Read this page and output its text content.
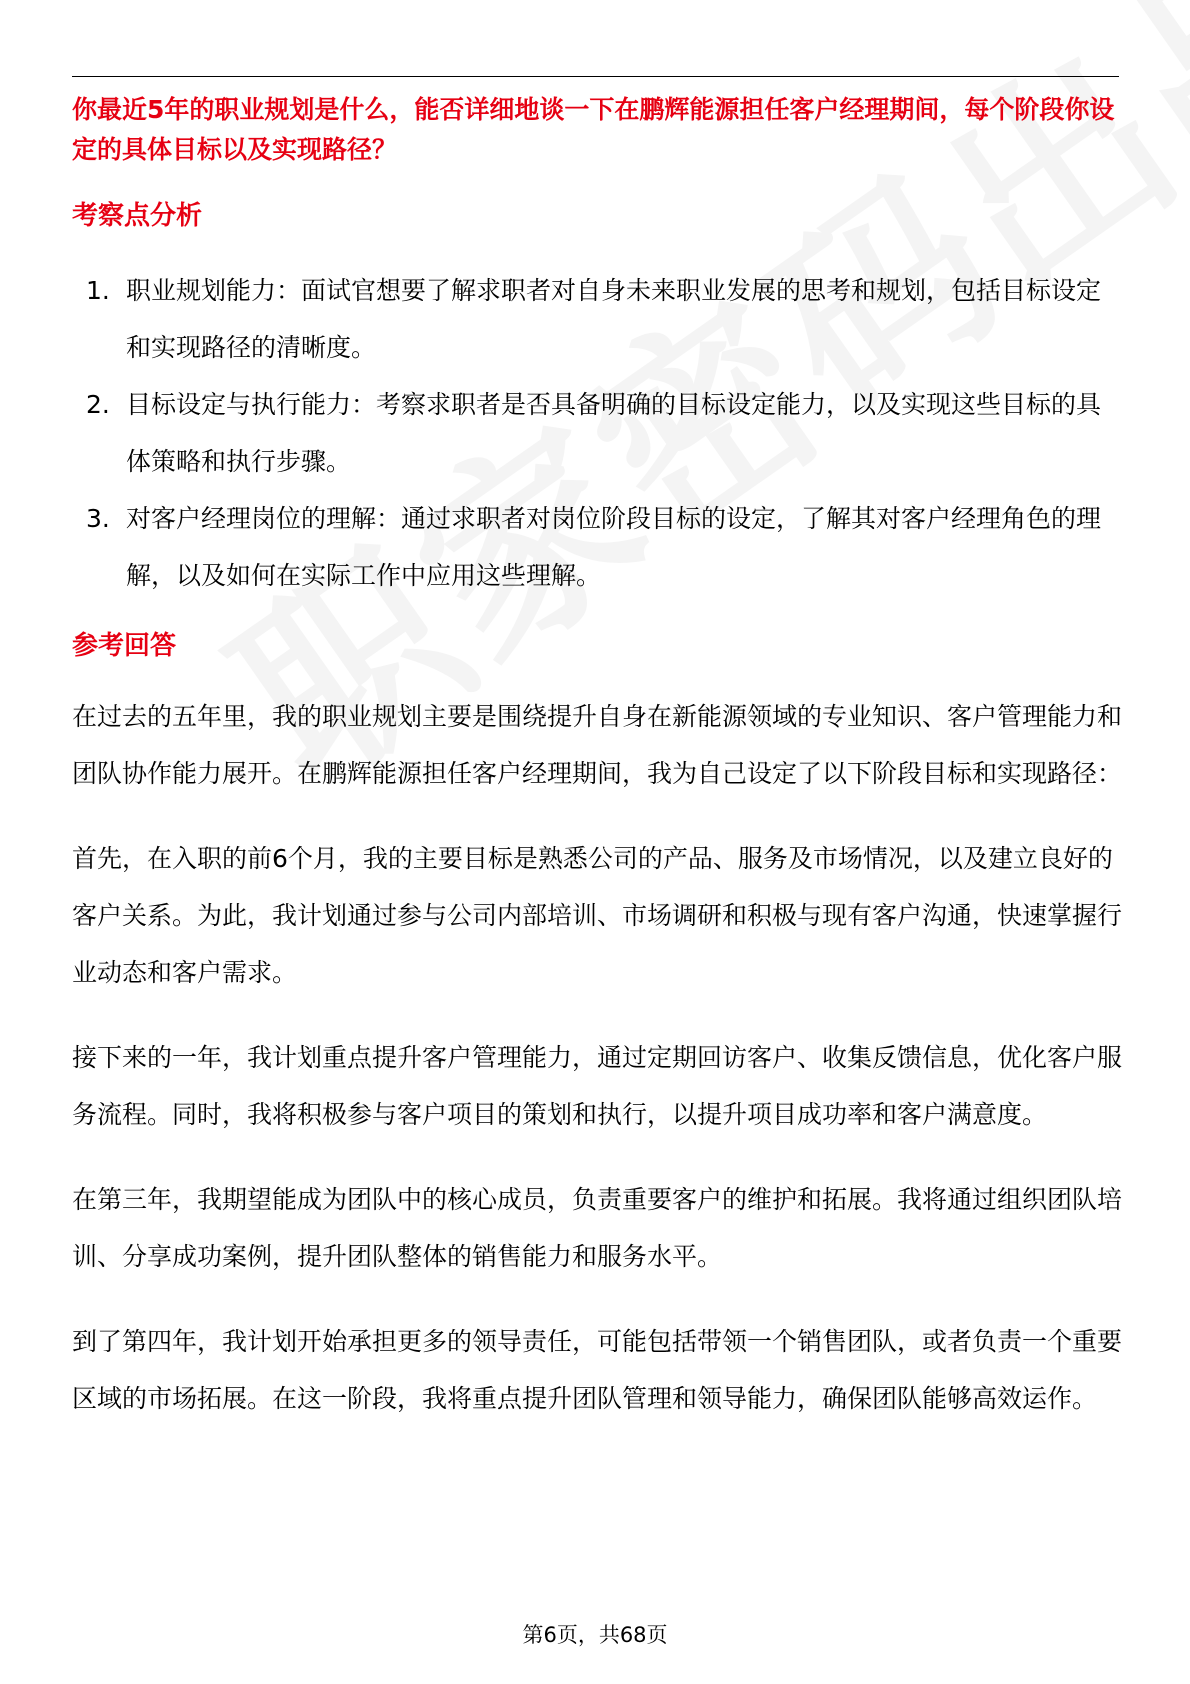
你最近5年的职业规划是什么，能否详细地谈一下在鹏辉能源担任客户经理期间，每个阶段你设定的具体目标以及实现路径？

考察点分析
1. 职业规划能力：面试官想要了解求职者对自身未来职业发展的思考和规划，包括目标设定和实现路径的清晰度。
2. 目标设定与执行能力：考察求职者是否具备明确的目标设定能力，以及实现这些目标的具体策略和执行步骤。
3. 对客户经理岗位的理解：通过求职者对岗位阶段目标的设定，了解其对客户经理角色的理解，以及如何在实际工作中应用这些理解。
参考回答

在过去的五年里，我的职业规划主要是围绕提升自身在新能源领域的专业知识、客户管理能力和团队协作能力展开。在鹏辉能源担任客户经理期间，我为自己设定了以下阶段目标和实现路径：

首先，在入职的前6个月，我的主要目标是熟悉公司的产品、服务及市场情况，以及建立良好的客户关系。为此，我计划通过参与公司内部培训、市场调研和积极与现有客户沟通，快速掌握行业动态和客户需求。

接下来的一年，我计划重点提升客户管理能力，通过定期回访客户、收集反馈信息，优化客户服务流程。同时，我将积极参与客户项目的策划和执行，以提升项目成功率和客户满意度。

在第三年，我期望能成为团队中的核心成员，负责重要客户的维护和拓展。我将通过组织团队培训、分享成功案例，提升团队整体的销售能力和服务水平。

到了第四年，我计划开始承担更多的领导责任，可能包括带领一个销售团队，或者负责一个重要区域的市场拓展。在这一阶段，我将重点提升团队管理和领导能力，确保团队能够高效运作。

第6页，共68页
